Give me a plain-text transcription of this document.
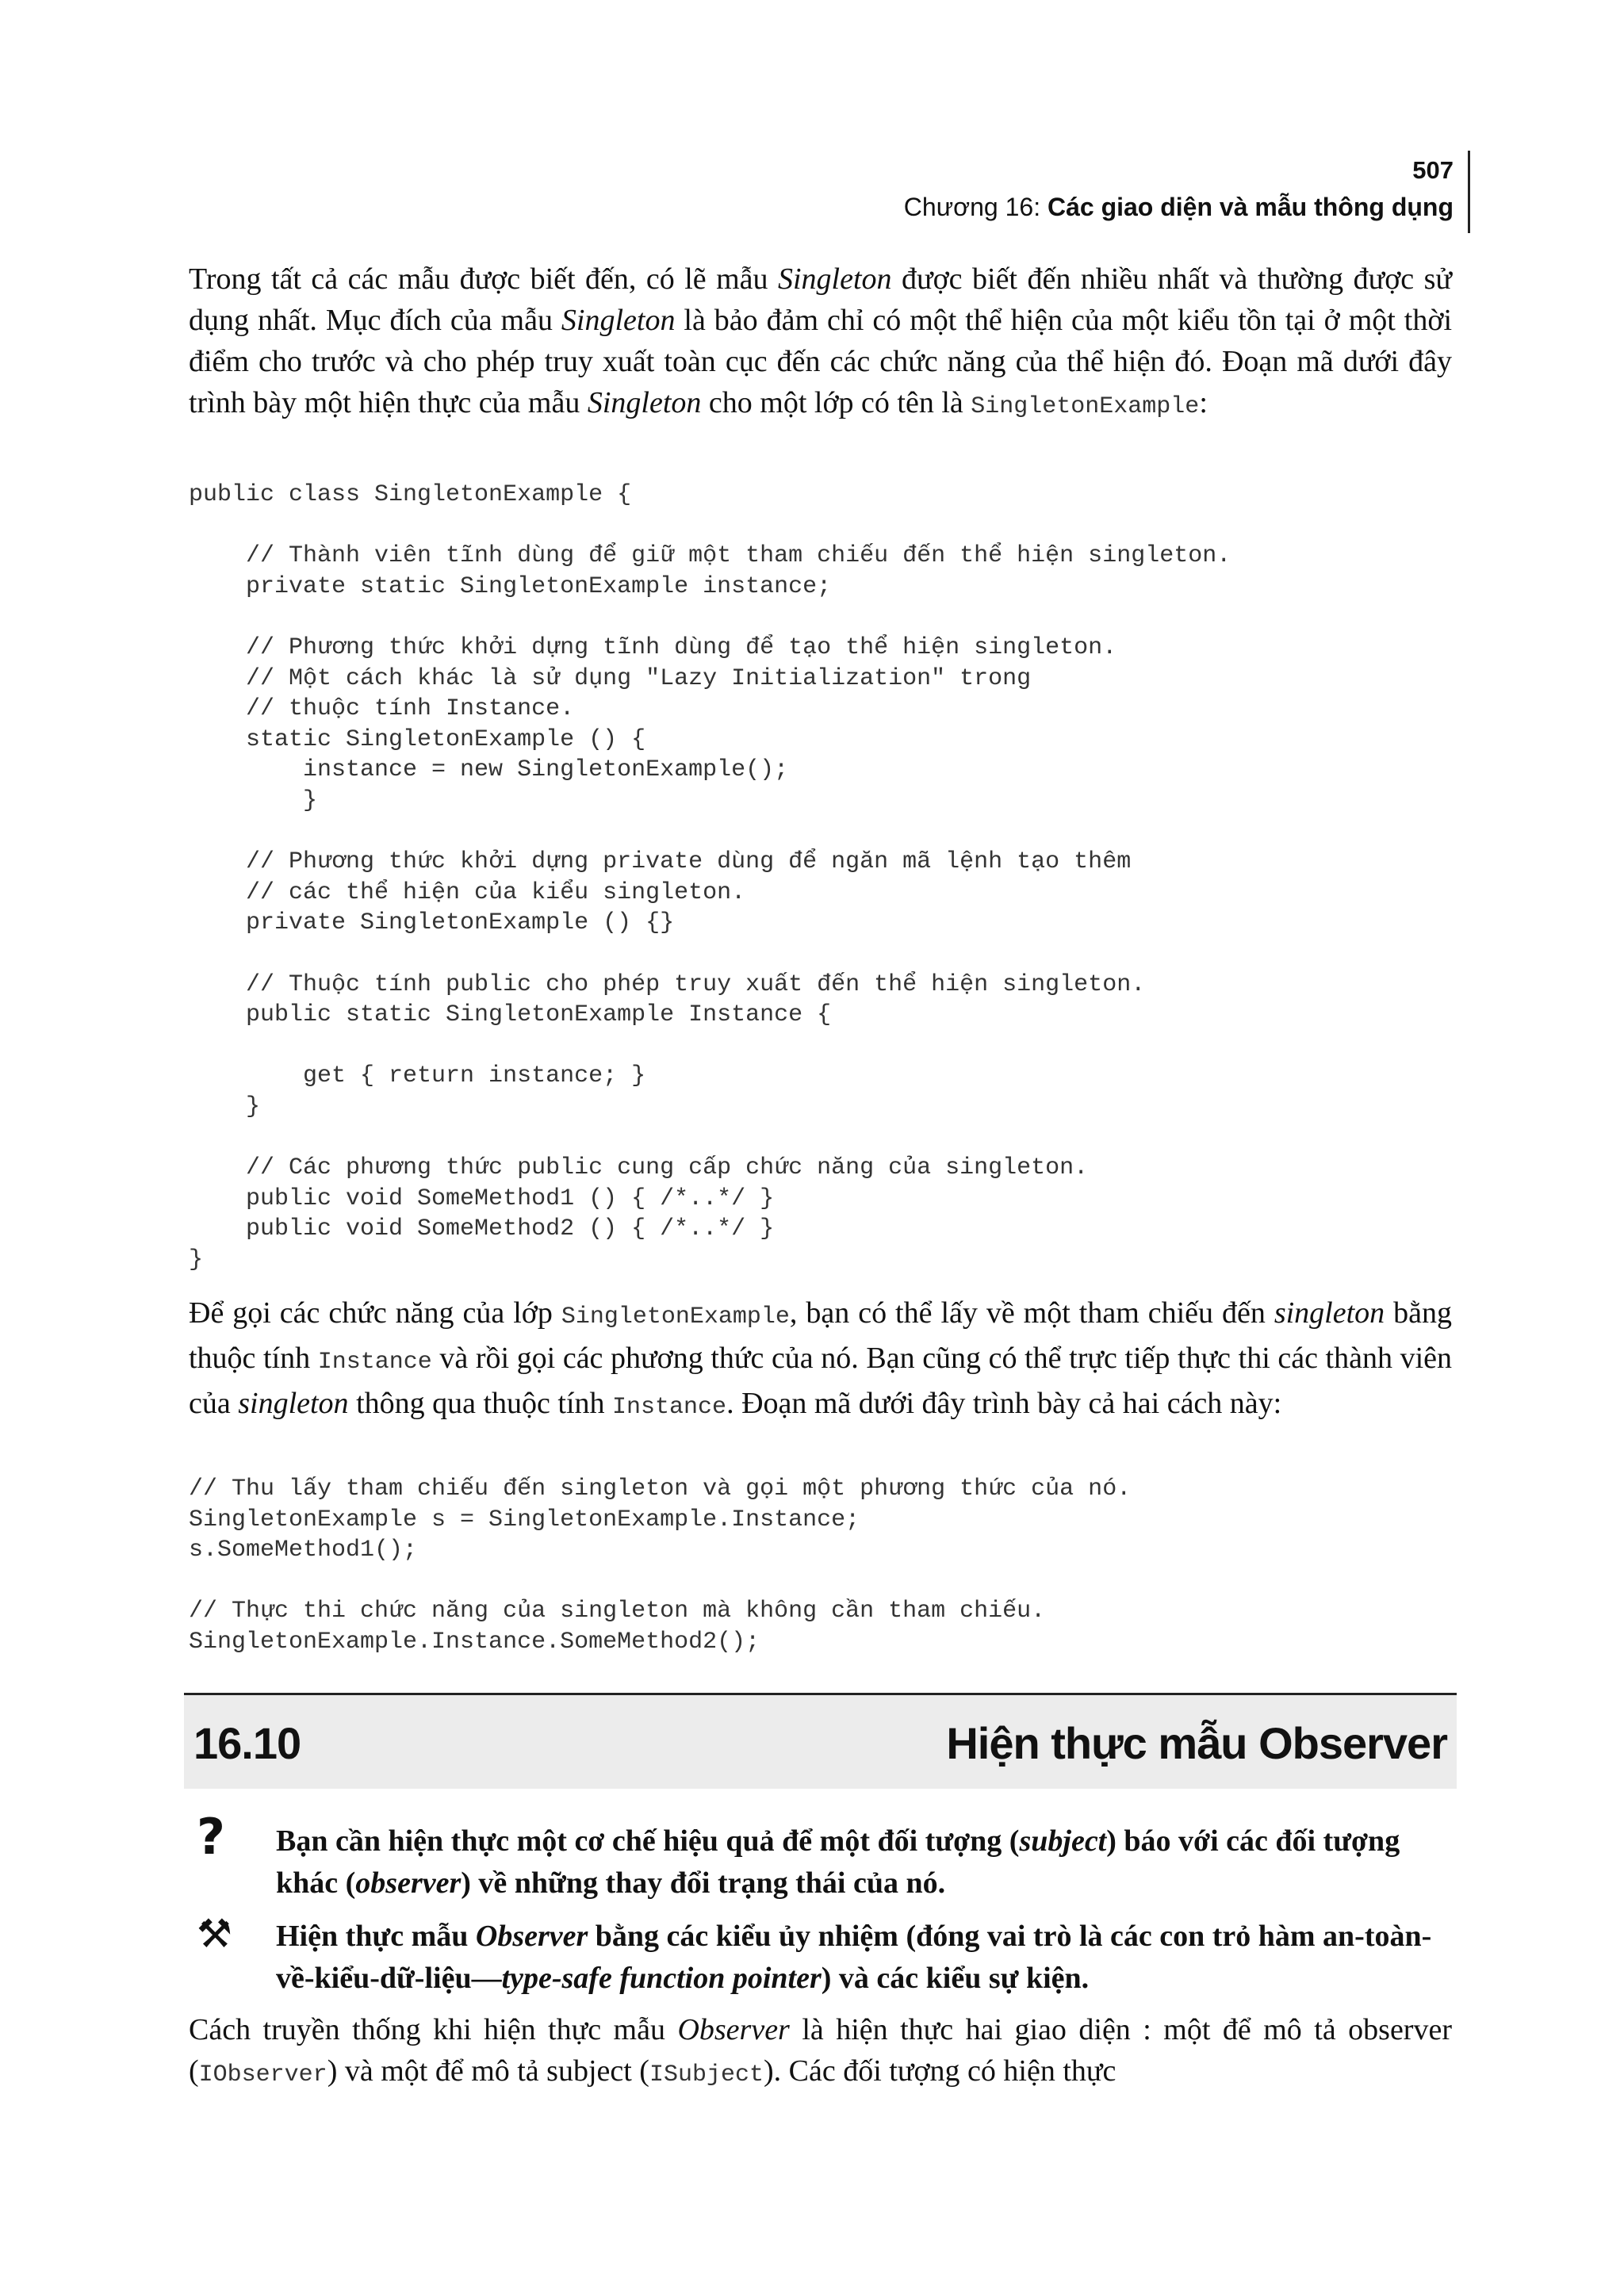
507
Chương 16: Các giao diện và mẫu thông dụng
Trong tất cả các mẫu được biết đến, có lẽ mẫu Singleton được biết đến nhiều nhất và thường được sử dụng nhất. Mục đích của mẫu Singleton là bảo đảm chỉ có một thể hiện của một kiểu tồn tại ở một thời điểm cho trước và cho phép truy xuất toàn cục đến các chức năng của thể hiện đó. Đoạn mã dưới đây trình bày một hiện thực của mẫu Singleton cho một lớp có tên là SingletonExample:
public class SingletonExample {

// Thành viên tĩnh dùng để giữ một tham chiếu đến thể hiện singleton.
private static SingletonExample instance;

// Phương thức khởi dựng tĩnh dùng để tạo thể hiện singleton.
// Một cách khác là sử dụng "Lazy Initialization" trong
// thuộc tính Instance.
static SingletonExample () {
instance = new SingletonExample();
}

// Phương thức khởi dựng private dùng để ngăn mã lệnh tạo thêm
// các thể hiện của kiểu singleton.
private SingletonExample () {}

// Thuộc tính public cho phép truy xuất đến thể hiện singleton.
public static SingletonExample Instance {

get { return instance; }
}

// Các phương thức public cung cấp chức năng của singleton.
public void SomeMethod1 () { /*..*/ }
public void SomeMethod2 () { /*..*/ }
}
Để gọi các chức năng của lớp SingletonExample, bạn có thể lấy về một tham chiếu đến singleton bằng thuộc tính Instance và rồi gọi các phương thức của nó. Bạn cũng có thể trực tiếp thực thi các thành viên của singleton thông qua thuộc tính Instance. Đoạn mã dưới đây trình bày cả hai cách này:
// Thu lấy tham chiếu đến singleton và gọi một phương thức của nó.
SingletonExample s = SingletonExample.Instance;
s.SomeMethod1();

// Thực thi chức năng của singleton mà không cần tham chiếu.
SingletonExample.Instance.SomeMethod2();
16.10	Hiện thực mẫu Observer
? Bạn cần hiện thực một cơ chế hiệu quả để một đối tượng (subject) báo với các đối tượng khác (observer) về những thay đổi trạng thái của nó.
⚒ Hiện thực mẫu Observer bằng các kiểu ủy nhiệm (đóng vai trò là các con trỏ hàm an-toàn-về-kiểu-dữ-liệu—type-safe function pointer) và các kiểu sự kiện.
Cách truyền thống khi hiện thực mẫu Observer là hiện thực hai giao diện : một để mô tả observer (IObserver) và một để mô tả subject (ISubject). Các đối tượng có hiện thực
